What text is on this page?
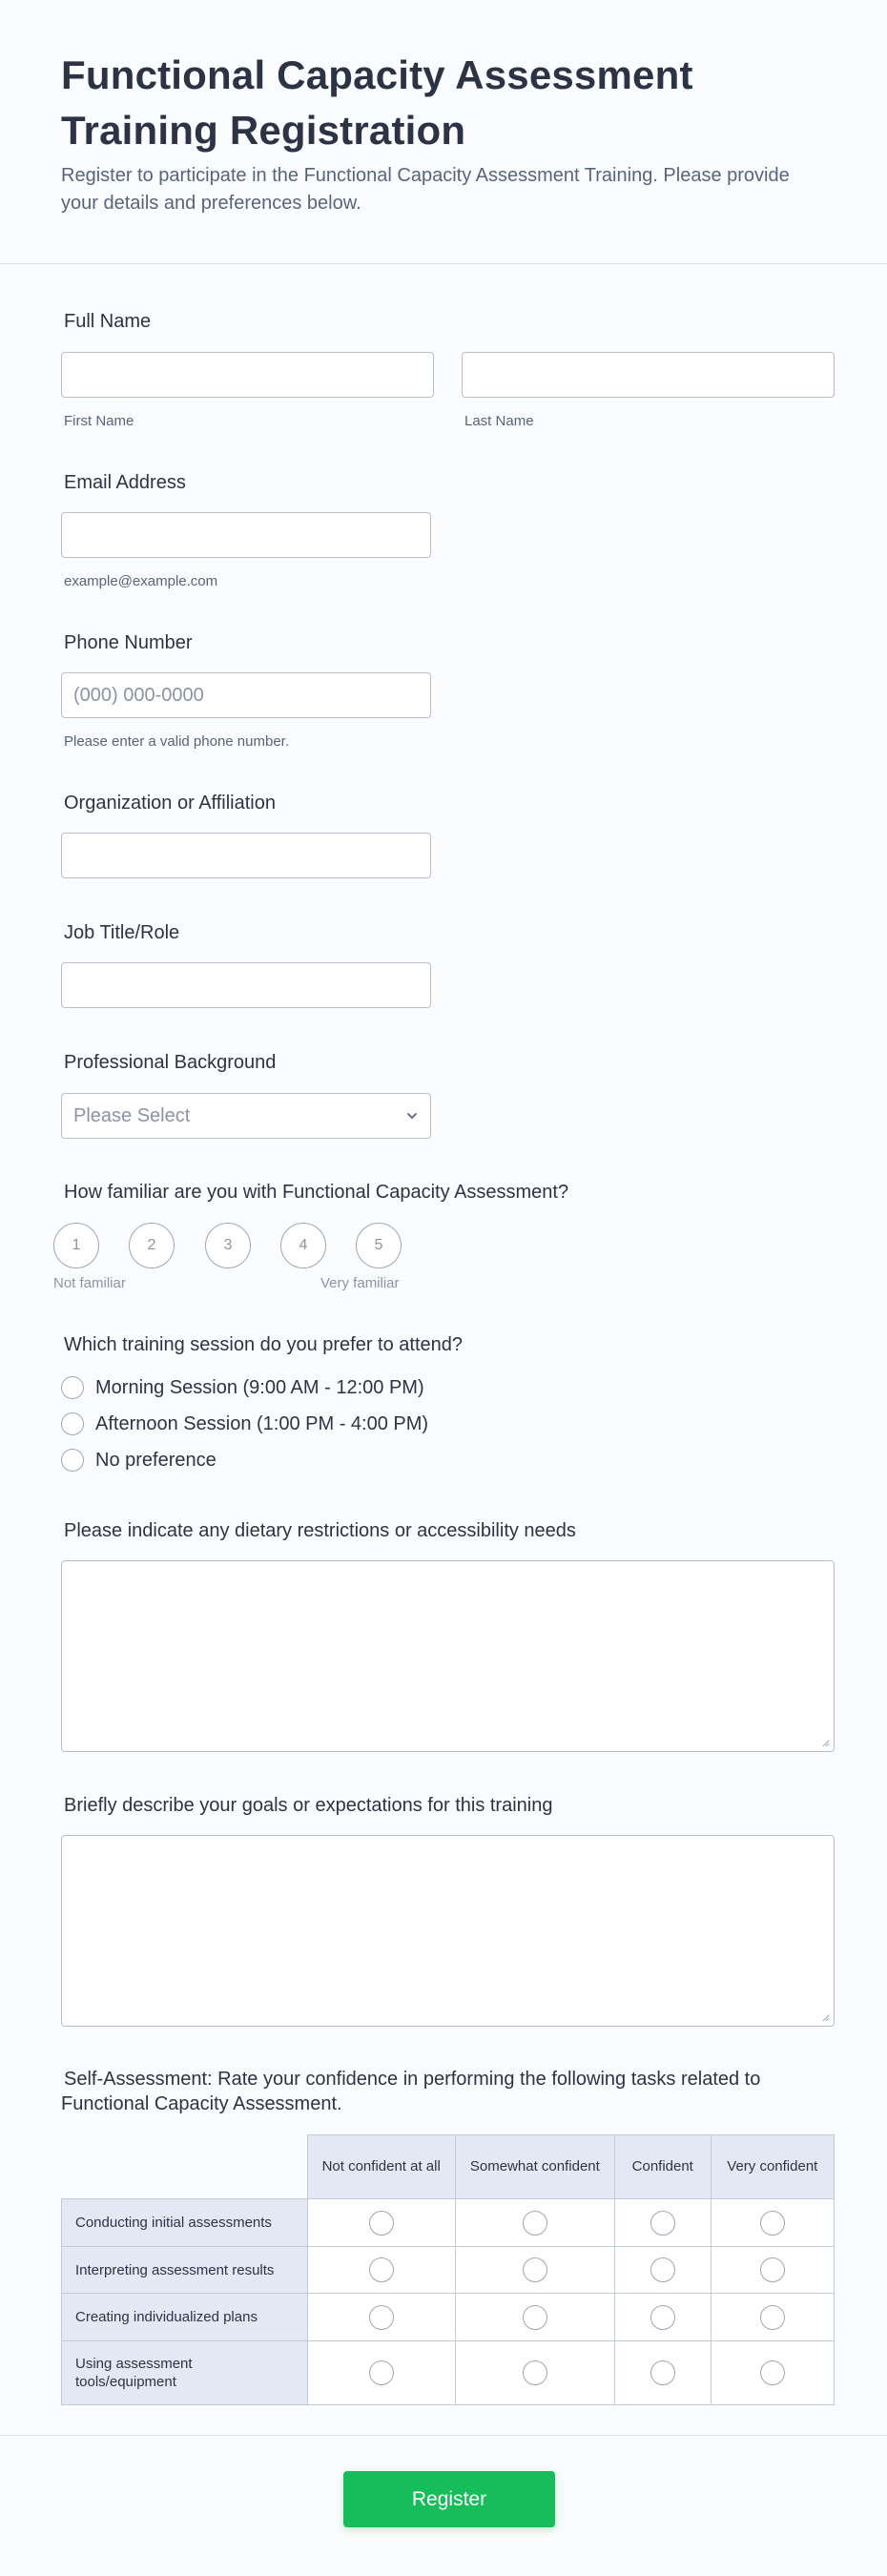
Functional Capacity Assessment Training Registration
Register to participate in the Functional Capacity Assessment Training. Please provide your details and preferences below.
Full Name
First Name	Last Name
Email Address
example@example.com
Phone Number
(000) 000-0000
Please enter a valid phone number.
Organization or Affiliation
Job Title/Role
Professional Background
Please Select
How familiar are you with Functional Capacity Assessment?
1	2	3	4	5
Not familiar	Very familiar
Which training session do you prefer to attend?
Morning Session (9:00 AM - 12:00 PM)
Afternoon Session (1:00 PM - 4:00 PM)
No preference
Please indicate any dietary restrictions or accessibility needs
Briefly describe your goals or expectations for this training
Self-Assessment: Rate your confidence in performing the following tasks related to Functional Capacity Assessment.
	Not confident at all	Somewhat confident	Confident	Very confident
Conducting initial assessments				
Interpreting assessment results				
Creating individualized plans				
Using assessment tools/equipment				
Register
